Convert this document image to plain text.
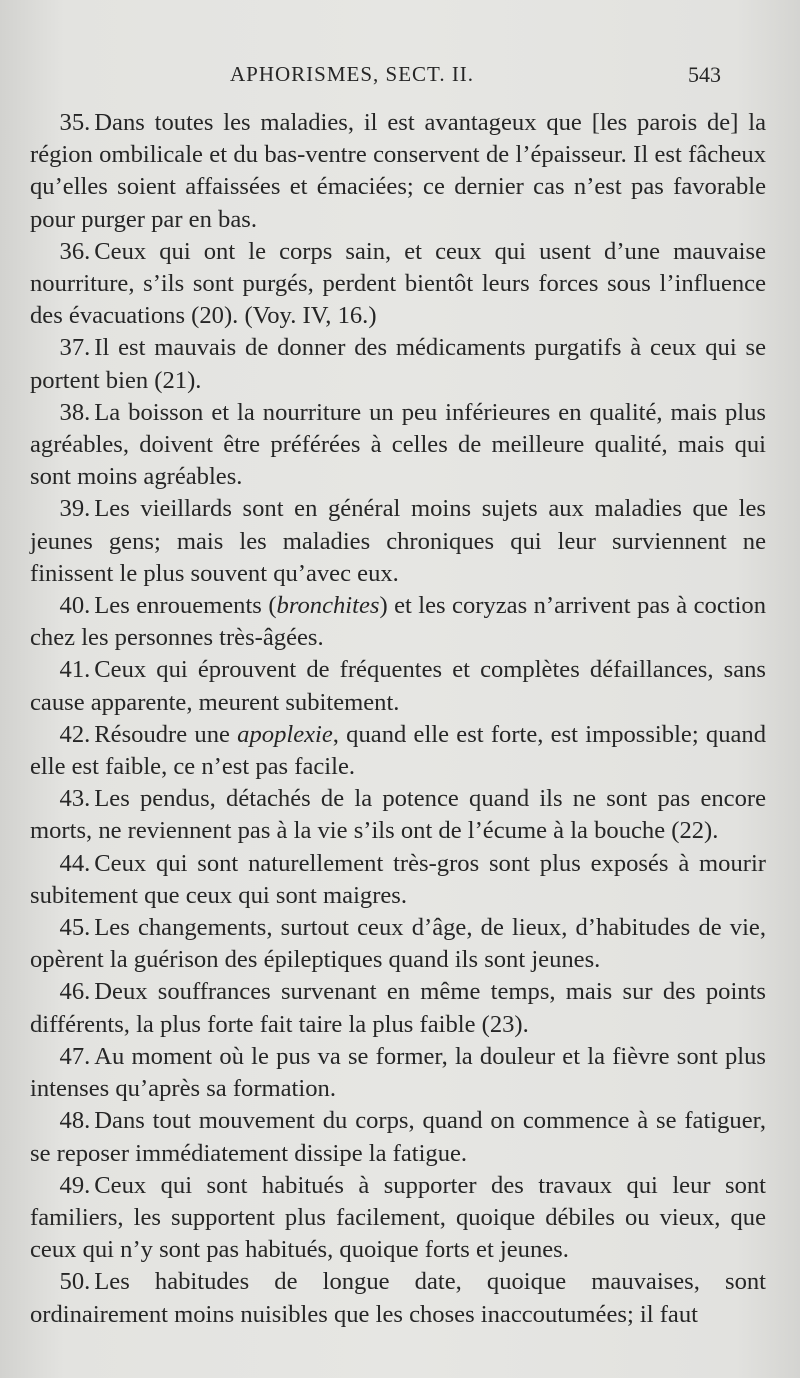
APHORISMES, SECT. II.	543

35. Dans toutes les maladies, il est avantageux que [les parois de] la région ombilicale et du bas-ventre conservent de l’épaisseur. Il est fâcheux qu’elles soient affaissées et émaciées; ce dernier cas n’est pas favorable pour purger par en bas.

36. Ceux qui ont le corps sain, et ceux qui usent d’une mauvaise nourriture, s’ils sont purgés, perdent bientôt leurs forces sous l’influence des évacuations (20). (Voy. IV, 16.)

37. Il est mauvais de donner des médicaments purgatifs à ceux qui se portent bien (21).

38. La boisson et la nourriture un peu inférieures en qualité, mais plus agréables, doivent être préférées à celles de meilleure qualité, mais qui sont moins agréables.

39. Les vieillards sont en général moins sujets aux maladies que les jeunes gens; mais les maladies chroniques qui leur surviennent ne finissent le plus souvent qu’avec eux.

40. Les enrouements (bronchites) et les coryzas n’arrivent pas à coction chez les personnes très-âgées.

41. Ceux qui éprouvent de fréquentes et complètes défaillances, sans cause apparente, meurent subitement.

42. Résoudre une apoplexie, quand elle est forte, est impossible; quand elle est faible, ce n’est pas facile.

43. Les pendus, détachés de la potence quand ils ne sont pas encore morts, ne reviennent pas à la vie s’ils ont de l’écume à la bouche (22).

44. Ceux qui sont naturellement très-gros sont plus exposés à mourir subitement que ceux qui sont maigres.

45. Les changements, surtout ceux d’âge, de lieux, d’habitudes de vie, opèrent la guérison des épileptiques quand ils sont jeunes.

46. Deux souffrances survenant en même temps, mais sur des points différents, la plus forte fait taire la plus faible (23).

47. Au moment où le pus va se former, la douleur et la fièvre sont plus intenses qu’après sa formation.

48. Dans tout mouvement du corps, quand on commence à se fatiguer, se reposer immédiatement dissipe la fatigue.

49. Ceux qui sont habitués à supporter des travaux qui leur sont familiers, les supportent plus facilement, quoique débiles ou vieux, que ceux qui n’y sont pas habitués, quoique forts et jeunes.

50. Les habitudes de longue date, quoique mauvaises, sont ordinairement moins nuisibles que les choses inaccoutumées; il faut
